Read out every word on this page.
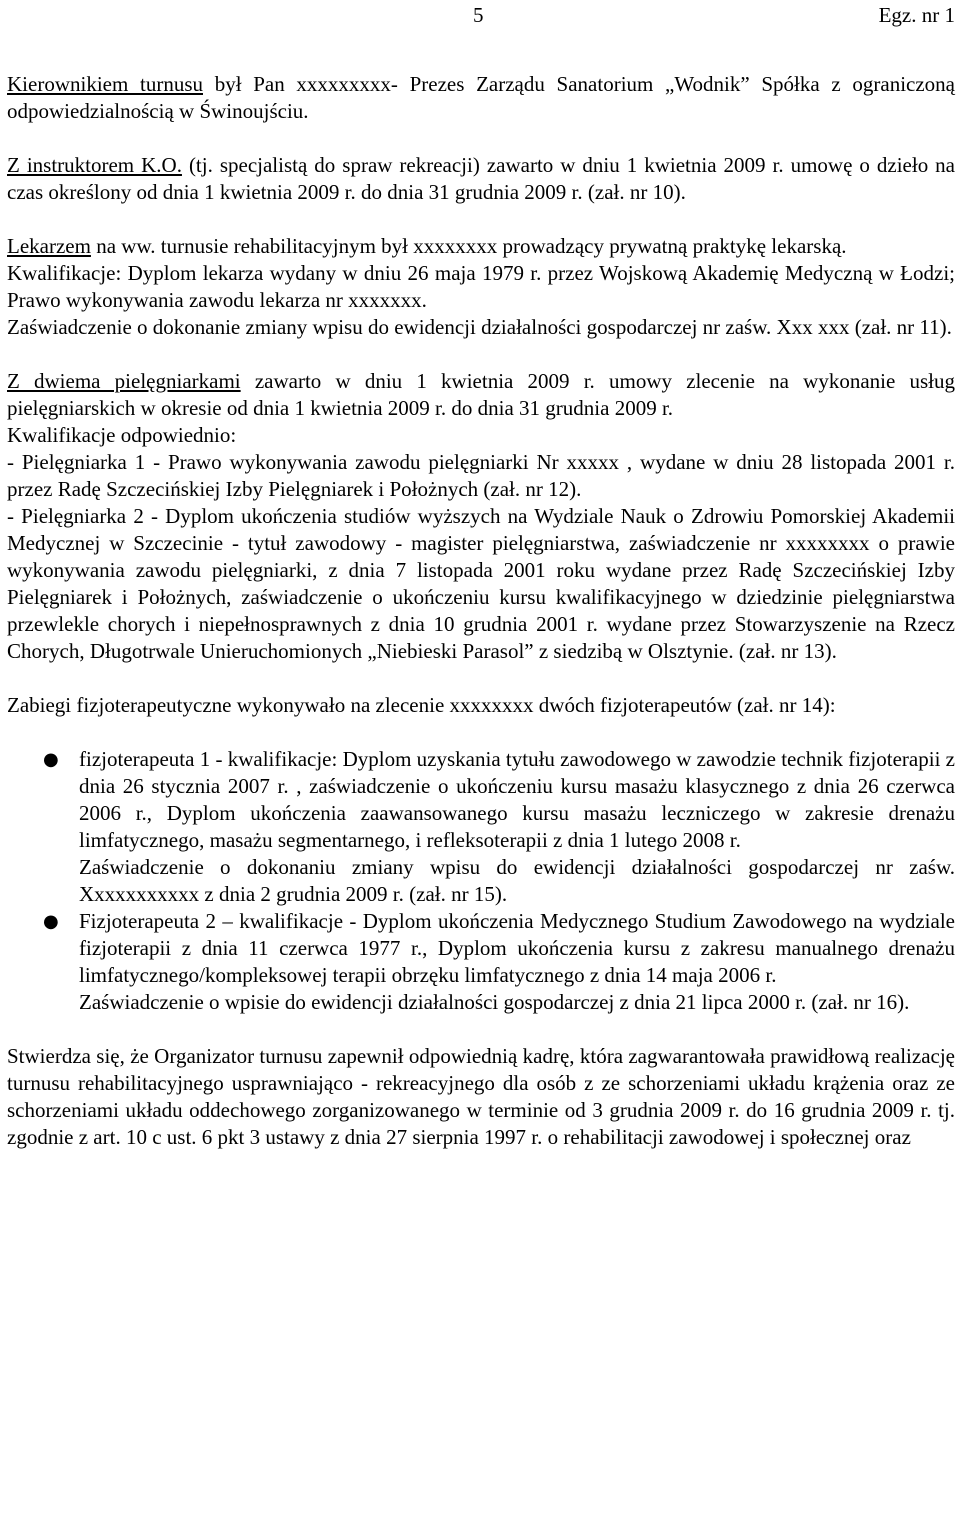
5	Egz. nr 1

Kierownikiem turnusu był Pan xxxxxxxxx- Prezes Zarządu Sanatorium „Wodnik” Spółka z ograniczoną odpowiedzialnością w Świnoujściu.

Z instruktorem K.O. (tj. specjalistą do spraw rekreacji) zawarto w dniu 1 kwietnia 2009 r. umowę o dzieło na czas określony od dnia 1 kwietnia 2009 r. do dnia 31 grudnia 2009 r. (zał. nr 10).

Lekarzem na ww. turnusie rehabilitacyjnym był xxxxxxxx prowadzący prywatną praktykę lekarską.

Kwalifikacje: Dyplom lekarza wydany w dniu 26 maja 1979 r. przez Wojskową Akademię Medyczną w Łodzi; Prawo wykonywania zawodu lekarza nr xxxxxxx.

Zaświadczenie o dokonanie zmiany wpisu do ewidencji działalności gospodarczej nr zaśw. Xxx xxx (zał. nr 11).

Z dwiema pielęgniarkami zawarto w dniu 1 kwietnia 2009 r. umowy zlecenie na wykonanie usług pielęgniarskich w okresie od dnia 1 kwietnia 2009 r. do dnia 31 grudnia 2009 r.

Kwalifikacje odpowiednio:

- Pielęgniarka 1 - Prawo wykonywania zawodu pielęgniarki Nr xxxxx , wydane w dniu 28 listopada 2001 r. przez Radę Szczecińskiej Izby Pielęgniarek i Położnych (zał. nr 12).

- Pielęgniarka 2 - Dyplom ukończenia studiów wyższych na Wydziale Nauk o Zdrowiu Pomorskiej Akademii Medycznej w Szczecinie - tytuł zawodowy - magister pielęgniarstwa, zaświadczenie nr xxxxxxxx o prawie wykonywania zawodu pielęgniarki, z dnia 7 listopada 2001 roku wydane przez Radę Szczecińskiej Izby Pielęgniarek i Położnych, zaświadczenie o ukończeniu kursu kwalifikacyjnego w dziedzinie pielęgniarstwa przewlekle chorych i niepełnosprawnych z dnia 10 grudnia 2001 r. wydane przez Stowarzyszenie na Rzecz Chorych, Długotrwale Unieruchomionych „Niebieski Parasol” z siedzibą w Olsztynie. (zał. nr 13).

Zabiegi fizjoterapeutyczne wykonywało na zlecenie xxxxxxxx dwóch fizjoterapeutów (zał. nr 14):

● fizjoterapeuta 1 - kwalifikacje: Dyplom uzyskania tytułu zawodowego w zawodzie technik fizjoterapii z dnia 26 stycznia 2007 r. , zaświadczenie o ukończeniu kursu masażu klasycznego z dnia 26 czerwca 2006 r., Dyplom ukończenia zaawansowanego kursu masażu leczniczego w zakresie drenażu limfatycznego, masażu segmentarnego, i refleksoterapii z dnia 1 lutego 2008 r.
Zaświadczenie o dokonaniu zmiany wpisu do ewidencji działalności gospodarczej nr zaśw. Xxxxxxxxxxx z dnia 2 grudnia 2009 r. (zał. nr 15).
● Fizjoterapeuta 2 – kwalifikacje - Dyplom ukończenia Medycznego Studium Zawodowego na wydziale fizjoterapii z dnia 11 czerwca 1977 r., Dyplom ukończenia kursu z zakresu manualnego drenażu limfatycznego/kompleksowej terapii obrzęku limfatycznego z dnia 14 maja 2006 r.
Zaświadczenie o wpisie do ewidencji działalności gospodarczej z dnia 21 lipca 2000 r. (zał. nr 16).

Stwierdza się, że Organizator turnusu zapewnił odpowiednią kadrę, która zagwarantowała prawidłową realizację turnusu rehabilitacyjnego usprawniająco - rekreacyjnego dla osób z ze schorzeniami układu krążenia oraz ze schorzeniami układu oddechowego zorganizowanego w terminie od 3 grudnia 2009 r. do 16 grudnia 2009 r. tj. zgodnie z art. 10 c ust. 6 pkt 3 ustawy z dnia 27 sierpnia 1997 r. o rehabilitacji zawodowej i społecznej oraz
